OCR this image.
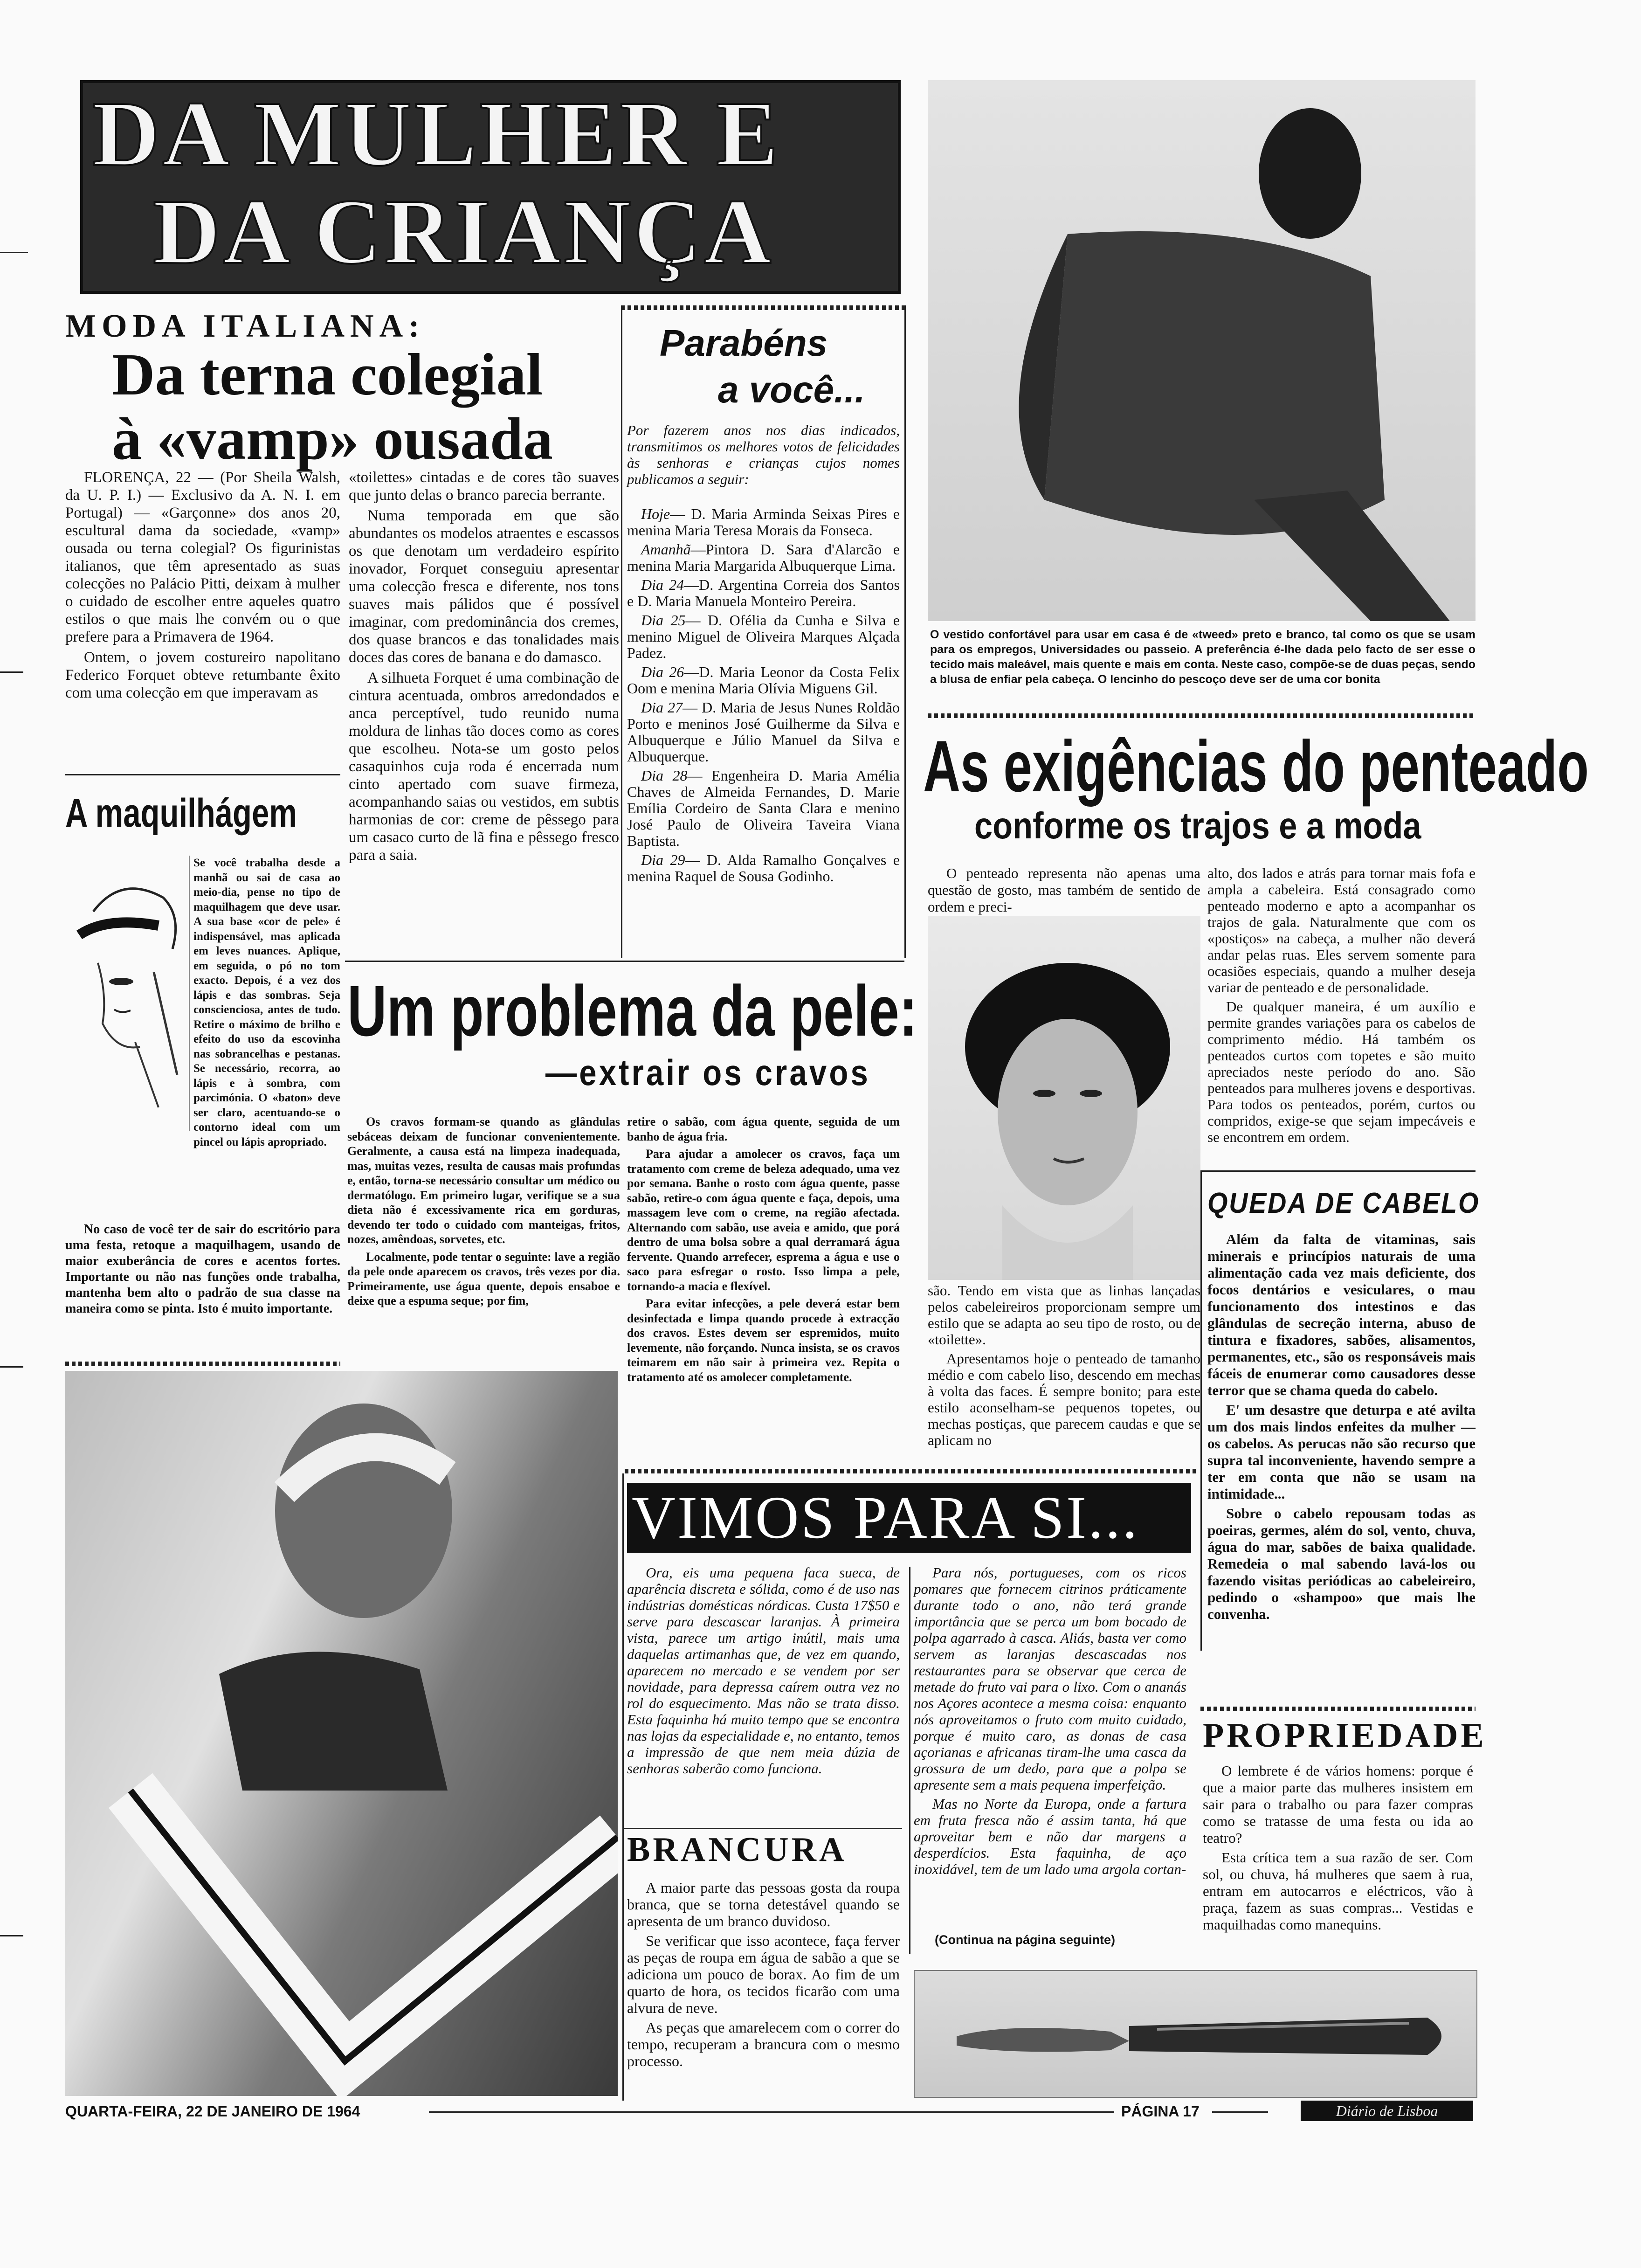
DA MULHER E
DA CRIANÇA
MODA ITALIANA:
Da terna colegial
à «vamp» ousada

FLORENÇA, 22 — (Por Sheila Walsh, da U. P. I.) — Exclusivo da A. N. I. em Portugal) — «Garçonne» dos anos 20, escultural dama da sociedade, «vamp» ousada ou terna colegial? Os figurinistas italianos, que têm apresentado as suas colecções no Palácio Pitti, deixam à mulher o cuidado de escolher entre aqueles quatro estilos o que mais lhe convém ou o que prefere para a Primavera de 1964.

Ontem, o jovem costureiro napolitano Federico Forquet obteve retumbante êxito com uma colecção em que imperavam as

«toilettes» cintadas e de cores tão suaves que junto delas o branco parecia berrante.

Numa temporada em que são abundantes os modelos atraentes e escassos os que denotam um verdadeiro espírito inovador, Forquet conseguiu apresentar uma colecção fresca e diferente, nos tons suaves mais pálidos que é possível imaginar, com predominância dos cremes, dos quase brancos e das tonalidades mais doces das cores de banana e do damasco.

A silhueta Forquet é uma combinação de cintura acentuada, ombros arredondados e anca perceptível, tudo reunido numa moldura de linhas tão doces como as cores que escolheu. Nota-se um gosto pelos casaquinhos cuja roda é encerrada num cinto apertado com suave firmeza, acompanhando saias ou vestidos, em subtis harmonias de cor: creme de pêssego para um casaco curto de lã fina e pêssego fresco para a saia.

Parabéns
a você...
Por fazerem anos nos dias indicados, transmitimos os melhores votos de felicidades às senhoras e crianças cujos nomes publicamos a seguir:

Hoje— D. Maria Arminda Seixas Pires e menina Maria Teresa Morais da Fonseca.

Amanhã—Pintora D. Sara d'Alarcão e menina Maria Margarida Albuquerque Lima.

Dia 24—D. Argentina Correia dos Santos e D. Maria Manuela Monteiro Pereira.

Dia 25— D. Ofélia da Cunha e Silva e menino Miguel de Oliveira Marques Alçada Padez.

Dia 26—D. Maria Leonor da Costa Felix Oom e menina Maria Olívia Miguens Gil.

Dia 27— D. Maria de Jesus Nunes Roldão Porto e meninos José Guilherme da Silva e Albuquerque e Júlio Manuel da Silva e Albuquerque.

Dia 28— Engenheira D. Maria Amélia Chaves de Almeida Fernandes, D. Marie Emília Cordeiro de Santa Clara e menino José Paulo de Oliveira Taveira Viana Baptista.

Dia 29— D. Alda Ramalho Gonçalves e menina Raquel de Sousa Godinho.

A maquilhágem
Se você trabalha desde a manhã ou sai de casa ao meio-dia, pense no tipo de maquilhagem que deve usar. A sua base «cor de pele» é indispensável, mas aplicada em leves nuances. Aplique, em seguida, o pó no tom exacto. Depois, é a vez dos lápis e das sombras. Seja conscienciosa, antes de tudo. Retire o máximo de brilho e efeito do uso da escovinha nas sobrancelhas e pestanas. Se necessário, recorra, ao lápis e à sombra, com parcimónia. O «baton» deve ser claro, acentuando-se o contorno ideal com um pincel ou lápis apropriado.
No caso de você ter de sair do escritório para uma festa, retoque a maquilhagem, usando de maior exuberância de cores e acentos fortes. Importante ou não nas funções onde trabalha, mantenha bem alto o padrão de sua classe na maneira como se pinta. Isto é muito importante.
Um problema da pele:
—extrair os cravos

Os cravos formam-se quando as glândulas sebáceas deixam de funcionar convenientemente. Geralmente, a causa está na limpeza inadequada, mas, muitas vezes, resulta de causas mais profundas e, então, torna-se necessário consultar um médico ou dermatólogo. Em primeiro lugar, verifique se a sua dieta não é excessivamente rica em gorduras, devendo ter todo o cuidado com manteigas, fritos, nozes, amêndoas, sorvetes, etc.

Localmente, pode tentar o seguinte: lave a região da pele onde aparecem os cravos, três vezes por dia. Primeiramente, use água quente, depois ensaboe e deixe que a espuma seque; por fim,

retire o sabão, com água quente, seguida de um banho de água fria.

Para ajudar a amolecer os cravos, faça um tratamento com creme de beleza adequado, uma vez por semana. Banhe o rosto com água quente, passe sabão, retire-o com água quente e faça, depois, uma massagem leve com o creme, na região afectada. Alternando com sabão, use aveia e amido, que porá dentro de uma bolsa sobre a qual derramará água fervente. Quando arrefecer, esprema a água e use o saco para esfregar o rosto. Isso limpa a pele, tornando-a macia e flexível.

Para evitar infecções, a pele deverá estar bem desinfectada e limpa quando procede à extracção dos cravos. Estes devem ser espremidos, muito levemente, não forçando. Nunca insista, se os cravos teimarem em não sair à primeira vez. Repita o tratamento até os amolecer completamente.

O vestido confortável para usar em casa é de «tweed» preto e branco, tal como os que se usam para os empregos, Universidades ou passeio. A preferência é-lhe dada pelo facto de ser esse o tecido mais maleável, mais quente e mais em conta. Neste caso, compõe-se de duas peças, sendo a blusa de enfiar pela cabeça. O lencinho do pescoço deve ser de uma cor bonita
As exigências do penteado
conforme os trajos e a moda
O penteado representa não apenas uma questão de gosto, mas também de sentido de ordem e preci-

são. Tendo em vista que as linhas lançadas pelos cabeleireiros proporcionam sempre um estilo que se adapta ao seu tipo de rosto, ou de «toilette».

Apresentamos hoje o penteado de tamanho médio e com cabelo liso, descendo em mechas à volta das faces. É sempre bonito; para este estilo aconselham-se pequenos topetes, ou mechas postiças, que parecem caudas e que se aplicam no

alto, dos lados e atrás para tornar mais fofa e ampla a cabeleira. Está consagrado como penteado moderno e apto a acompanhar os trajos de gala. Naturalmente que com os «postiços» na cabeça, a mulher não deverá andar pelas ruas. Eles servem somente para ocasiões especiais, quando a mulher deseja variar de penteado e de personalidade.

De qualquer maneira, é um auxílio e permite grandes variações para os cabelos de comprimento médio. Há também os penteados curtos com topetes e são muito apreciados neste período do ano. São penteados para mulheres jovens e desportivas. Para todos os penteados, porém, curtos ou compridos, exige-se que sejam impecáveis e se encontrem em ordem.

QUEDA DE CABELO

Além da falta de vitaminas, sais minerais e princípios naturais de uma alimentação cada vez mais deficiente, dos focos dentários e vesiculares, o mau funcionamento dos intestinos e das glândulas de secreção interna, abuso de tintura e fixadores, sabões, alisamentos, permanentes, etc., são os responsáveis mais fáceis de enumerar como causadores desse terror que se chama queda do cabelo.

E' um desastre que deturpa e até avilta um dos mais lindos enfeites da mulher — os cabelos. As perucas não são recurso que supra tal inconveniente, havendo sempre a ter em conta que não se usam na intimidade...

Sobre o cabelo repousam todas as poeiras, germes, além do sol, vento, chuva, água do mar, sabões de baixa qualidade. Remedeia o mal sabendo lavá-los ou fazendo visitas periódicas ao cabeleireiro, pedindo o «shampoo» que mais lhe convenha.

PROPRIEDADE

O lembrete é de vários homens: porque é que a maior parte das mulheres insistem em sair para o trabalho ou para fazer compras como se tratasse de uma festa ou ida ao teatro?

Esta crítica tem a sua razão de ser. Com sol, ou chuva, há mulheres que saem à rua, entram em autocarros e eléctricos, vão à praça, fazem as suas compras... Vestidas e maquilhadas como manequins.

VIMOS PARA SI...
Ora, eis uma pequena faca sueca, de aparência discreta e sólida, como é de uso nas indústrias domésticas nórdicas. Custa 17$50 e serve para descascar laranjas. À primeira vista, parece um artigo inútil, mais uma daquelas artimanhas que, de vez em quando, aparecem no mercado e se vendem por ser novidade, para depressa caírem outra vez no rol do esquecimento. Mas não se trata disso. Esta faquinha há muito tempo que se encontra nas lojas da especialidade e, no entanto, temos a impressão de que nem meia dúzia de senhoras saberão como funciona.

Para nós, portugueses, com os ricos pomares que fornecem citrinos práticamente durante todo o ano, não terá grande importância que se perca um bom bocado de polpa agarrado à casca. Aliás, basta ver como servem as laranjas descascadas nos restaurantes para se observar que cerca de metade do fruto vai para o lixo. Com o ananás nos Açores acontece a mesma coisa: enquanto nós aproveitamos o fruto com muito cuidado, porque é muito caro, as donas de casa açorianas e africanas tiram-lhe uma casca da grossura de um dedo, para que a polpa se apresente sem a mais pequena imperfeição.

Mas no Norte da Europa, onde a fartura em fruta fresca não é assim tanta, há que aproveitar bem e não dar margens a desperdícios. Esta faquinha, de aço inoxidável, tem de um lado uma argola cortan-

(Continua na página seguinte)
BRANCURA

A maior parte das pessoas gosta da roupa branca, que se torna detestável quando se apresenta de um branco duvidoso.

Se verificar que isso acontece, faça ferver as peças de roupa em água de sabão a que se adiciona um pouco de borax. Ao fim de um quarto de hora, os tecidos ficarão com uma alvura de neve.

As peças que amarelecem com o correr do tempo, recuperam a brancura com o mesmo processo.

QUARTA-FEIRA, 22 DE JANEIRO DE 1964	PÁGINA 17	Diário de Lisboa
